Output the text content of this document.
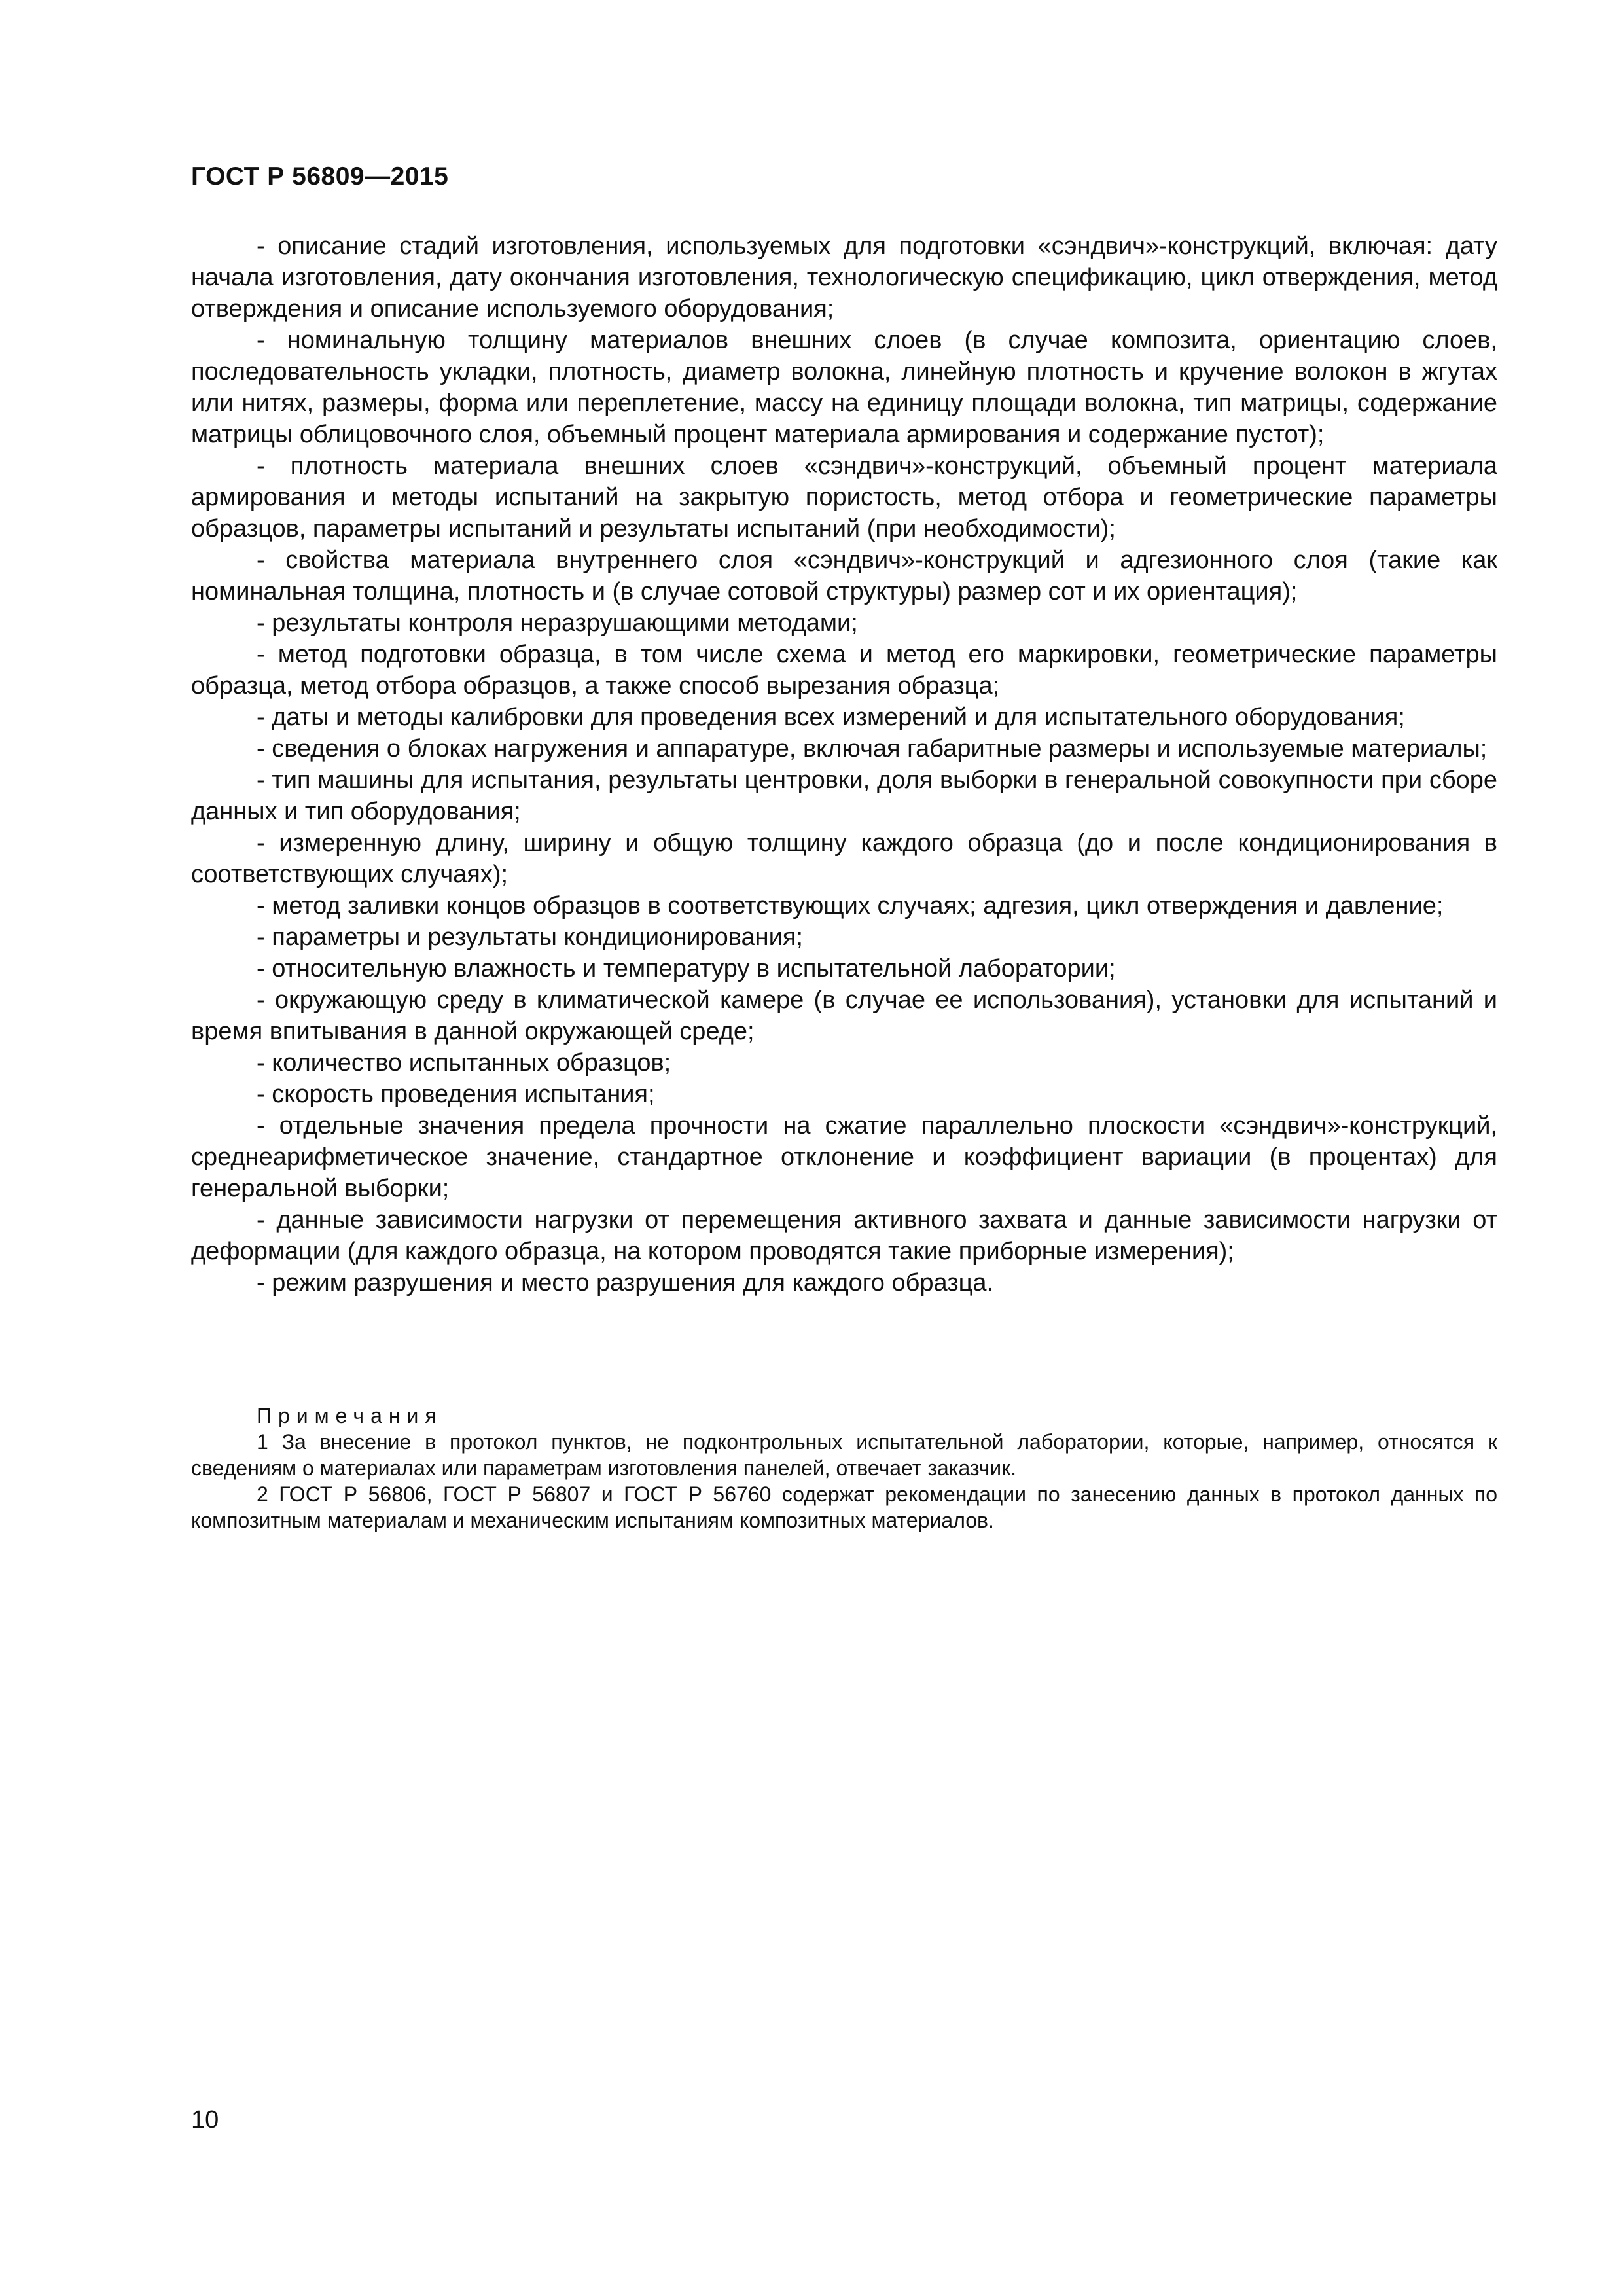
ГОСТ Р 56809—2015

- описание стадий изготовления, используемых для подготовки «сэндвич»-конструкций, включая: дату начала изготовления, дату окончания изготовления, технологическую спецификацию, цикл отверждения, метод отверждения и описание используемого оборудования;

- номинальную толщину материалов внешних слоев (в случае композита, ориентацию слоев, последовательность укладки, плотность, диаметр волокна, линейную плотность и кручение волокон в жгутах или нитях, размеры, форма или переплетение, массу на единицу площади волокна, тип матрицы, содержание матрицы облицовочного слоя, объемный процент материала армирования и содержание пустот);

- плотность материала внешних слоев «сэндвич»-конструкций, объемный процент материала армирования и методы испытаний на закрытую пористость, метод отбора и геометрические параметры образцов, параметры испытаний и результаты испытаний (при необходимости);

- свойства материала внутреннего слоя «сэндвич»-конструкций и адгезионного слоя (такие как номинальная толщина, плотность и (в случае сотовой структуры) размер сот и их ориентация);

- результаты контроля неразрушающими методами;

- метод подготовки образца, в том числе схема и метод его маркировки, геометрические параметры образца, метод отбора образцов, а также способ вырезания образца;

- даты и методы калибровки для проведения всех измерений и для испытательного оборудования;

- сведения о блоках нагружения и аппаратуре, включая габаритные размеры и используемые материалы;

- тип машины для испытания, результаты центровки, доля выборки в генеральной совокупности при сборе данных и тип оборудования;

- измеренную длину, ширину и общую толщину каждого образца (до и после кондиционирования в соответствующих случаях);

- метод заливки концов образцов в соответствующих случаях; адгезия, цикл отверждения и давление;

- параметры и результаты кондиционирования;

- относительную влажность и температуру в испытательной лаборатории;

- окружающую среду в климатической камере (в случае ее использования), установки для испытаний и время впитывания в данной окружающей среде;

- количество испытанных образцов;

- скорость проведения испытания;

- отдельные значения предела прочности на сжатие параллельно плоскости «сэндвич»-конструкций, среднеарифметическое значение, стандартное отклонение и коэффициент вариации (в процентах) для генеральной выборки;

- данные зависимости нагрузки от перемещения активного захвата и данные зависимости нагрузки от деформации (для каждого образца, на котором проводятся такие приборные измерения);

- режим разрушения и место разрушения для каждого образца.

Примечания

1 За внесение в протокол пунктов, не подконтрольных испытательной лаборатории, которые, например, относятся к сведениям о материалах или параметрам изготовления панелей, отвечает заказчик.

2 ГОСТ Р 56806, ГОСТ Р 56807 и ГОСТ Р 56760 содержат рекомендации по занесению данных в протокол данных по композитным материалам и механическим испытаниям композитных материалов.

10
